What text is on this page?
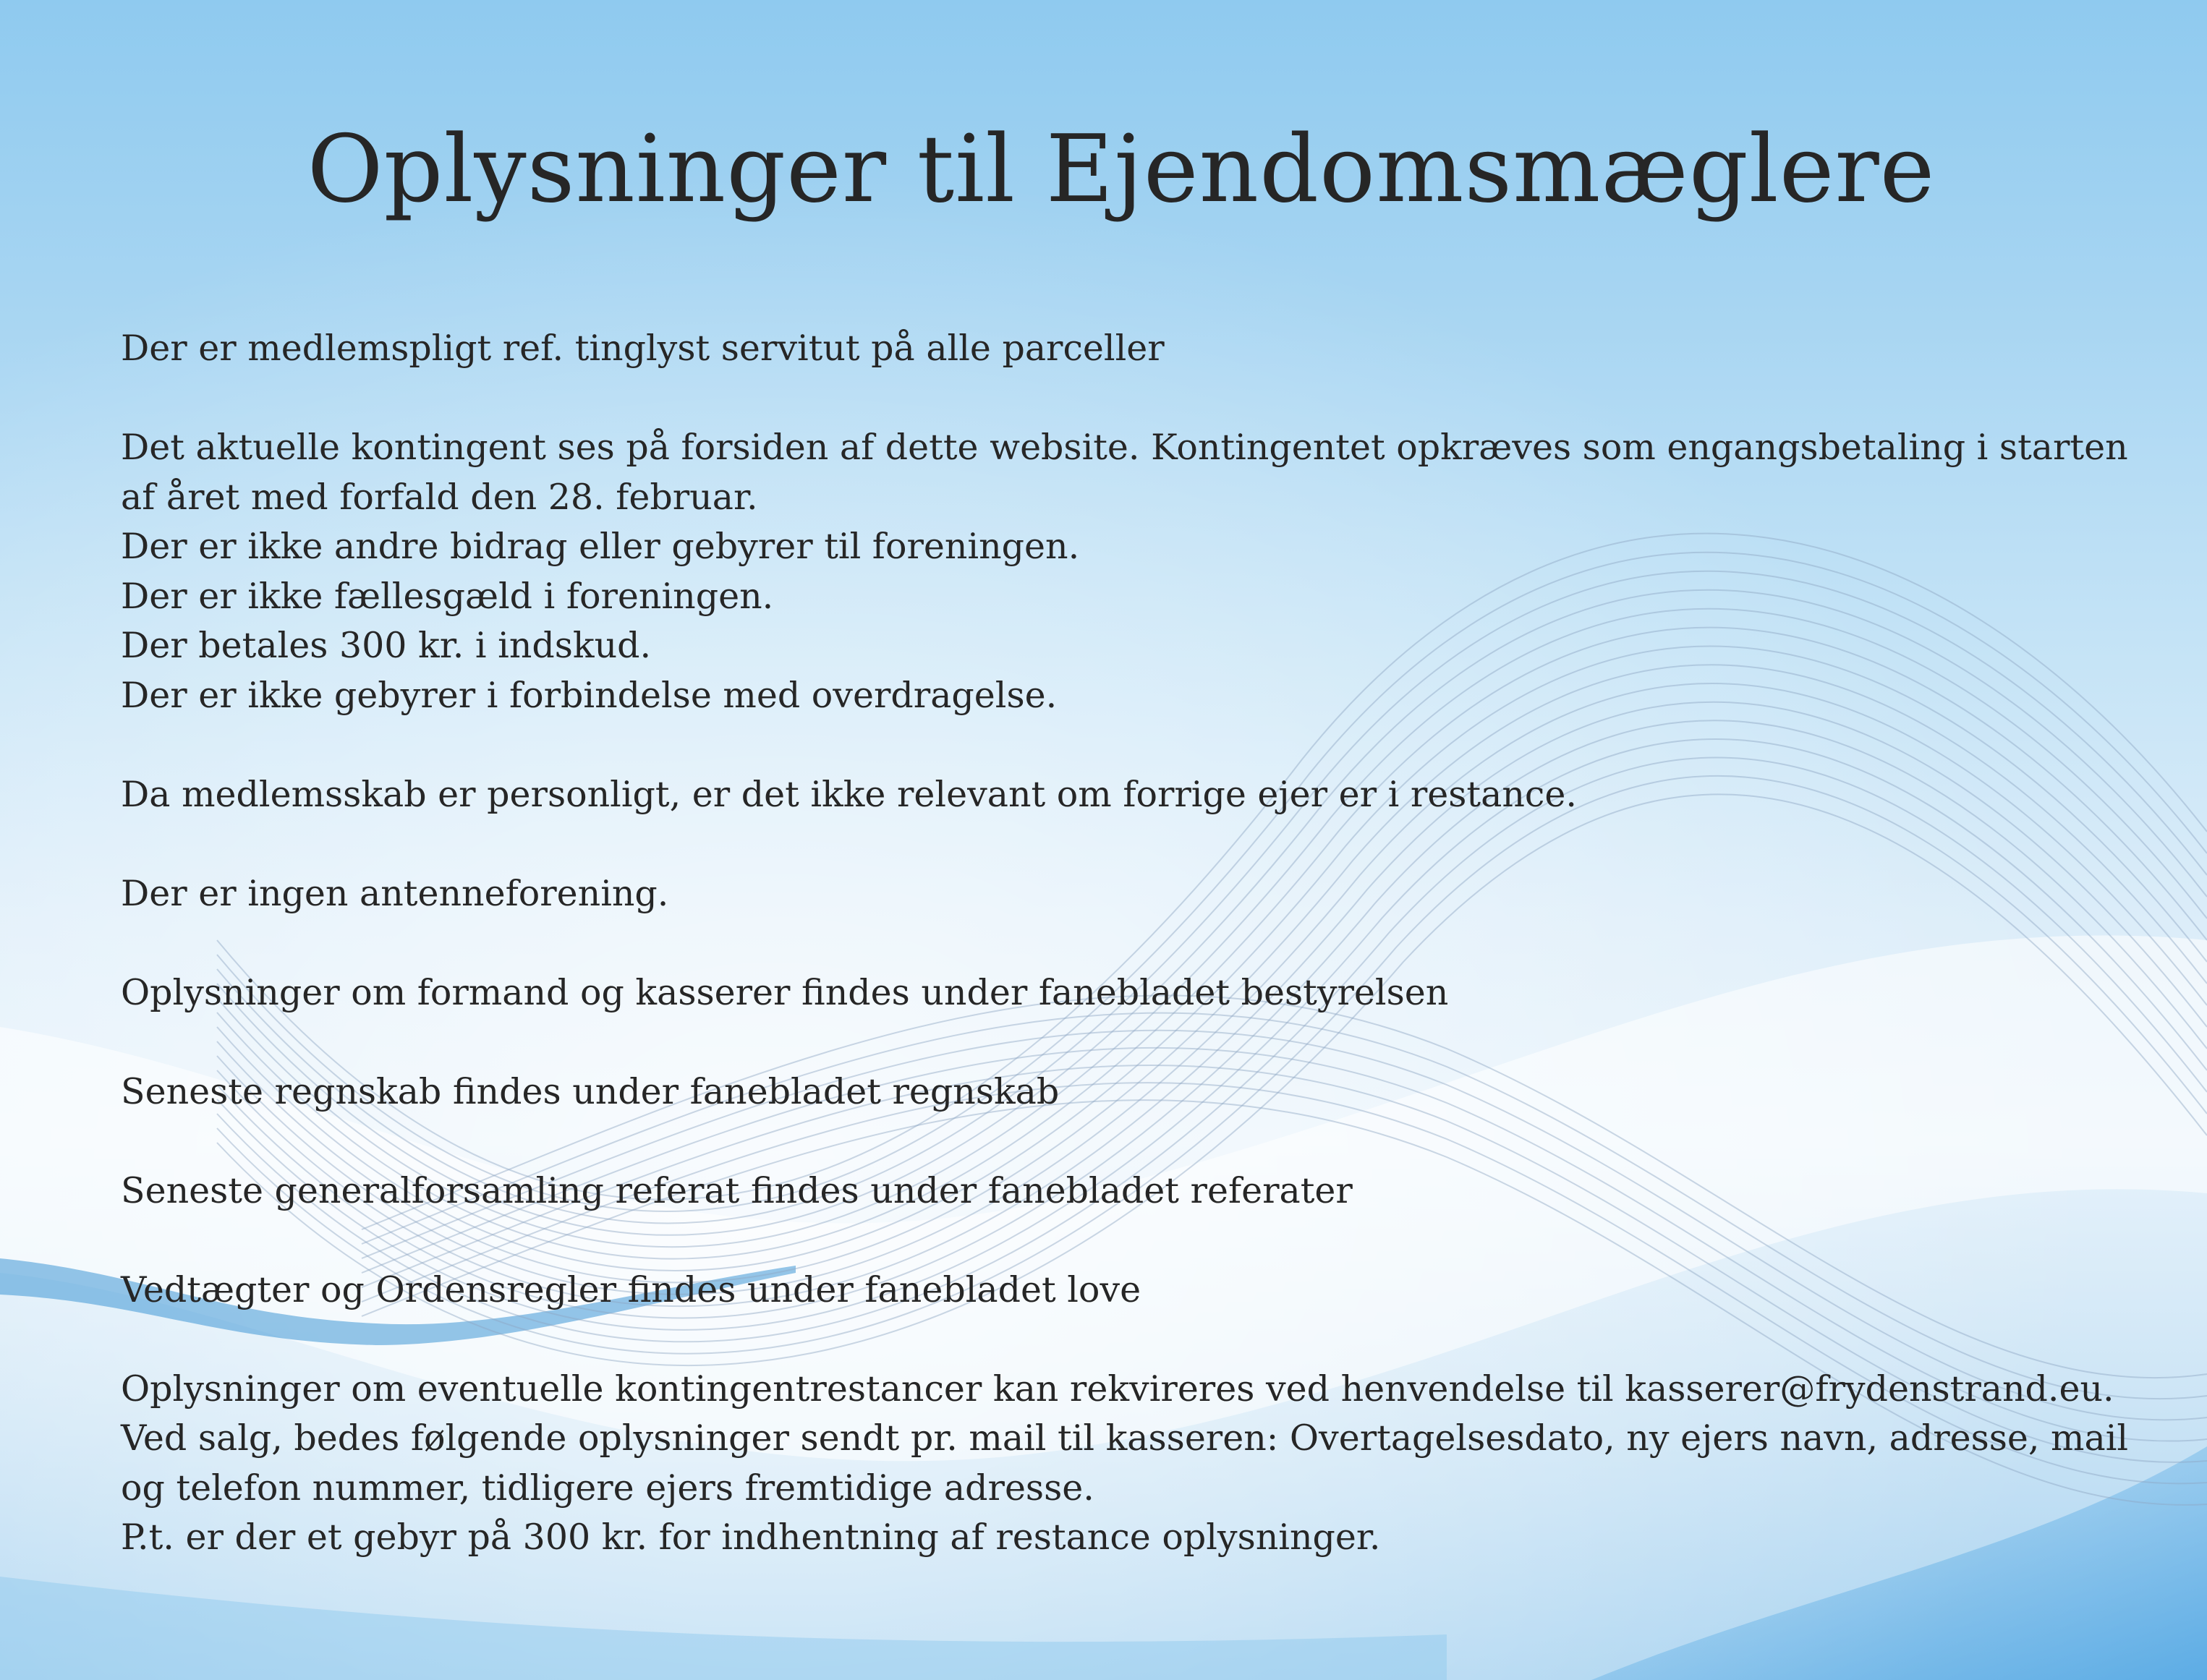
Oplysninger til Ejendomsmæglere
Der er medlemspligt ref. tinglyst servitut på alle parceller
Det aktuelle kontingent ses på forsiden af dette website. Kontingentet opkræves som engangsbetaling i starten
af året med forfald den 28. februar.
Der er ikke andre bidrag eller gebyrer til foreningen.
Der er ikke fællesgæld i foreningen.
Der betales 300 kr. i indskud.
Der er ikke gebyrer i forbindelse med overdragelse.
Da medlemsskab er personligt, er det ikke relevant om forrige ejer er i restance.
Der er ingen antenneforening.
Oplysninger om formand og kasserer findes under fanebladet bestyrelsen
Seneste regnskab findes under fanebladet regnskab
Seneste generalforsamling referat findes under fanebladet referater
Vedtægter og Ordensregler findes under fanebladet love
Oplysninger om eventuelle kontingentrestancer kan rekvireres ved henvendelse til kasserer@frydenstrand.eu.
Ved salg, bedes følgende oplysninger sendt pr. mail til kasseren: Overtagelsesdato, ny ejers navn, adresse, mail
og telefon nummer, tidligere ejers fremtidige adresse.
P.t. er der et gebyr på 300 kr. for indhentning af restance oplysninger.
